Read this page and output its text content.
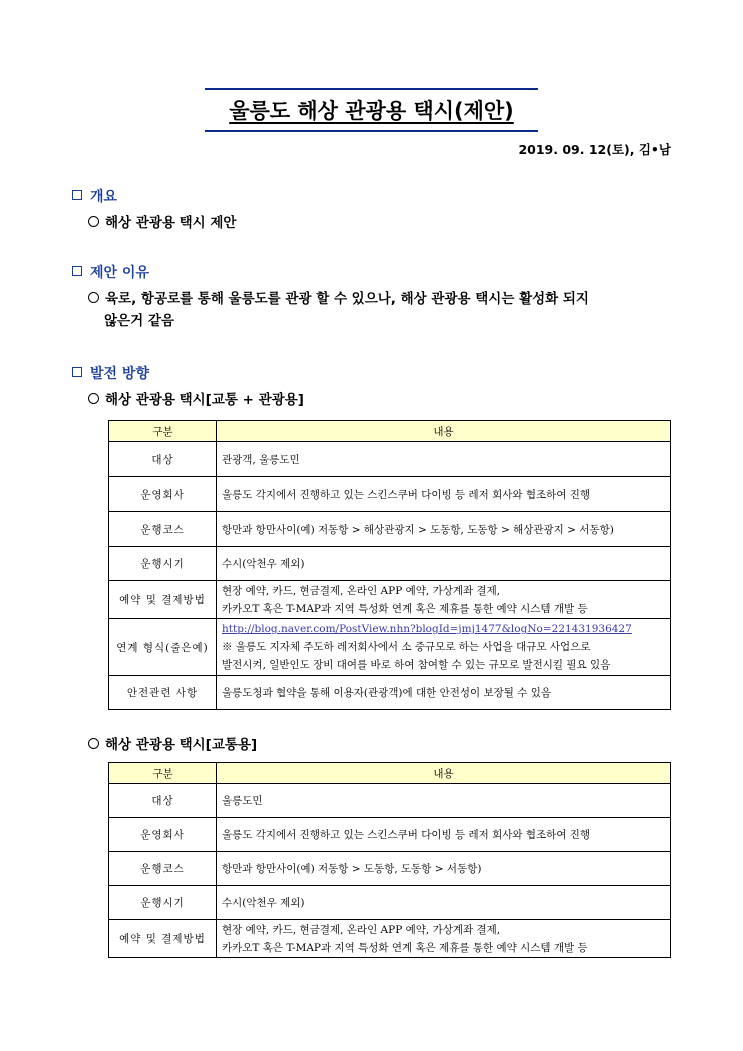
울릉도 해상 관광용 택시(제안)
2019. 09. 12(토), 김•남
개요
해상 관광용 택시 제안
제안 이유
육로, 항공로를 통해 울릉도를 관광 할 수 있으나, 해상 관광용 택시는 활성화 되지
않은거 같음
발전 방향
해상 관광용 택시[교통 + 관광용]
구분	내용
대상	관광객, 울릉도민
운영회사	울릉도 각지에서 진행하고 있는 스킨스쿠버 다이빙 등 레저 회사와 협조하여 진행
운행코스	항만과 항만사이(예) 저동항 > 해상관광지 > 도동항, 도동항 > 해상관광지 > 서동항)
운행시기	수시(악천우 제외)
예약 및 결제방법	현장 예약, 카드, 현금결제, 온라인 APP 예약, 가상계좌 결제,
카카오T 혹은 T-MAP과 지역 특성화 연계 혹은 제휴를 통한 예약 시스템 개발 등

연계 형식(줄은예)	http://blog.naver.com/PostView.nhn?blogId=jmj1477&logNo=221431936427
※ 울릉도 지자체 주도하 레저회사에서 소 중규모로 하는 사업을 대규모 사업으로
발전시켜, 일반인도 장비 대여를 바로 하여 참여할 수 있는 규모로 발전시킬 필요 있음

안전관련 사항	울릉도청과 협약을 통해 이용자(관광객)에 대한 안전성이 보장될 수 있음
해상 관광용 택시[교통용]
구분	내용
대상	울릉도민
운영회사	울릉도 각지에서 진행하고 있는 스킨스쿠버 다이빙 등 레저 회사와 협조하여 진행
운행코스	항만과 항만사이(예) 저동항 > 도동항, 도동항 > 서동항)
운행시기	수시(악천우 제외)
예약 및 결제방법	현장 예약, 카드, 현금결제, 온라인 APP 예약, 가상계좌 결제,
카카오T 혹은 T-MAP과 지역 특성화 연계 혹은 제휴를 통한 예약 시스템 개발 등
